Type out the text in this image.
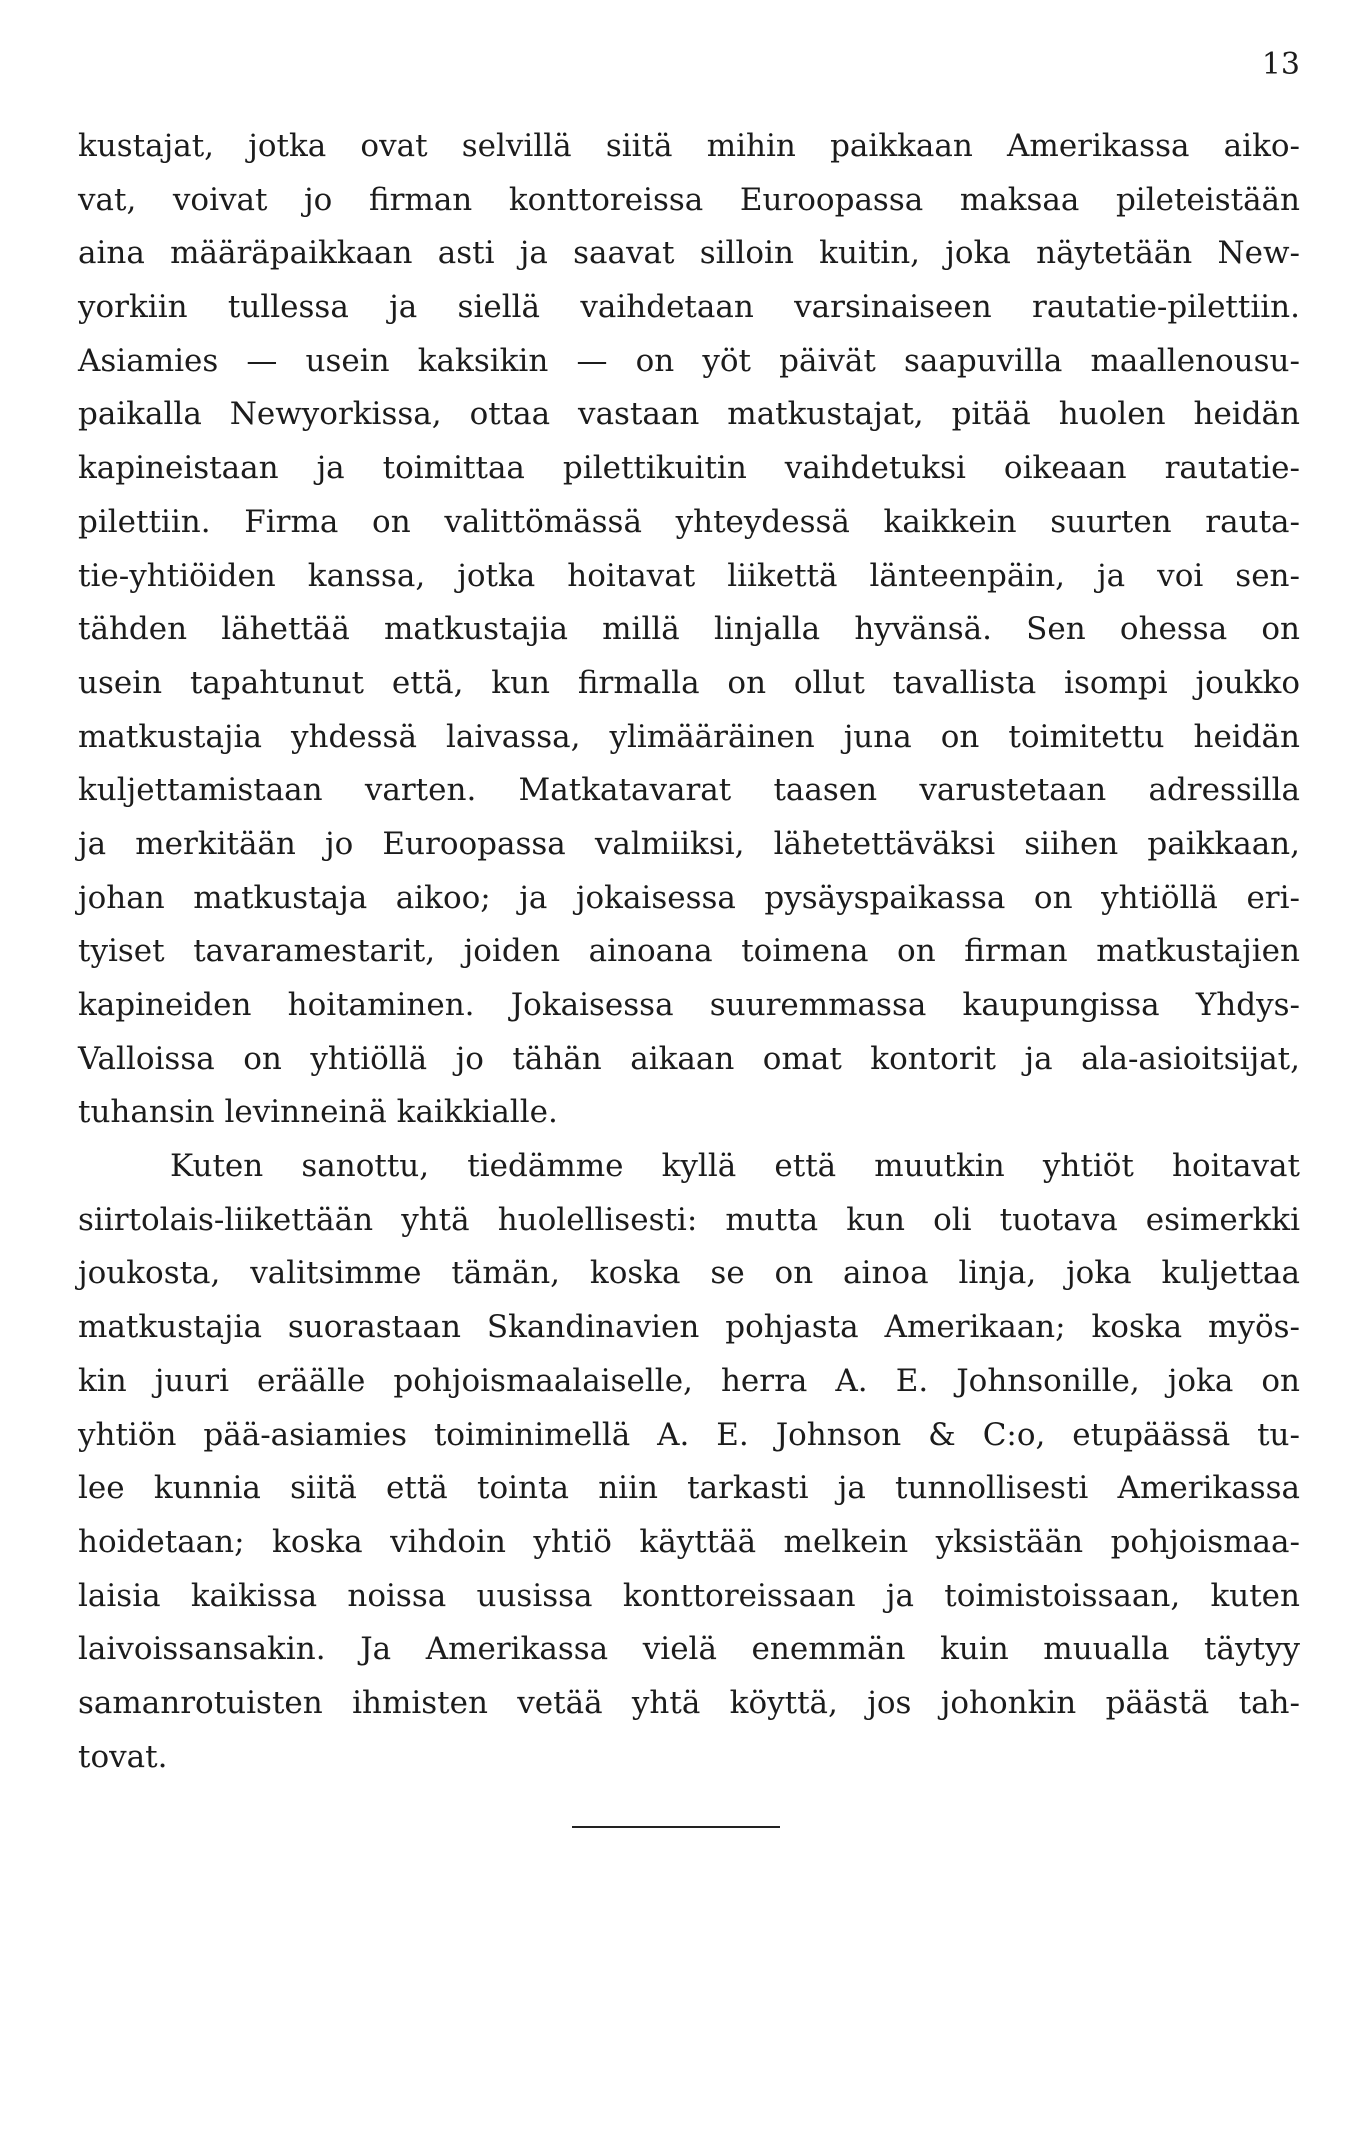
13
kustajat, jotka ovat selvillä siitä mihin paikkaan Amerikassa aiko-
vat, voivat jo firman konttoreissa Euroopassa maksaa pileteistään
aina määräpaikkaan asti ja saavat silloin kuitin, joka näytetään New-
yorkiin tullessa ja siellä vaihdetaan varsinaiseen rautatie-pilettiin.
Asiamies — usein kaksikin — on yöt päivät saapuvilla maallenousu-
paikalla Newyorkissa, ottaa vastaan matkustajat, pitää huolen heidän
kapineistaan ja toimittaa pilettikuitin vaihdetuksi oikeaan rautatie-
pilettiin. Firma on valittömässä yhteydessä kaikkein suurten rauta-
tie-yhtiöiden kanssa, jotka hoitavat liikettä länteenpäin, ja voi sen-
tähden lähettää matkustajia millä linjalla hyvänsä. Sen ohessa on
usein tapahtunut että, kun firmalla on ollut tavallista isompi joukko
matkustajia yhdessä laivassa, ylimääräinen juna on toimitettu heidän
kuljettamistaan varten. Matkatavarat taasen varustetaan adressilla
ja merkitään jo Euroopassa valmiiksi, lähetettäväksi siihen paikkaan,
johan matkustaja aikoo; ja jokaisessa pysäyspaikassa on yhtiöllä eri-
tyiset tavaramestarit, joiden ainoana toimena on firman matkustajien
kapineiden hoitaminen. Jokaisessa suuremmassa kaupungissa Yhdys-
Valloissa on yhtiöllä jo tähän aikaan omat kontorit ja ala-asioitsijat,
tuhansin levinneinä kaikkialle.
Kuten sanottu, tiedämme kyllä että muutkin yhtiöt hoitavat
siirtolais-liikettään yhtä huolellisesti: mutta kun oli tuotava esimerkki
joukosta, valitsimme tämän, koska se on ainoa linja, joka kuljettaa
matkustajia suorastaan Skandinavien pohjasta Amerikaan; koska myös-
kin juuri eräälle pohjoismaalaiselle, herra A. E. Johnsonille, joka on
yhtiön pää-asiamies toiminimellä A. E. Johnson & C:o, etupäässä tu-
lee kunnia siitä että tointa niin tarkasti ja tunnollisesti Amerikassa
hoidetaan; koska vihdoin yhtiö käyttää melkein yksistään pohjoismaa-
laisia kaikissa noissa uusissa konttoreissaan ja toimistoissaan, kuten
laivoissansakin. Ja Amerikassa vielä enemmän kuin muualla täytyy
samanrotuisten ihmisten vetää yhtä köyttä, jos johonkin päästä tah-
tovat.
